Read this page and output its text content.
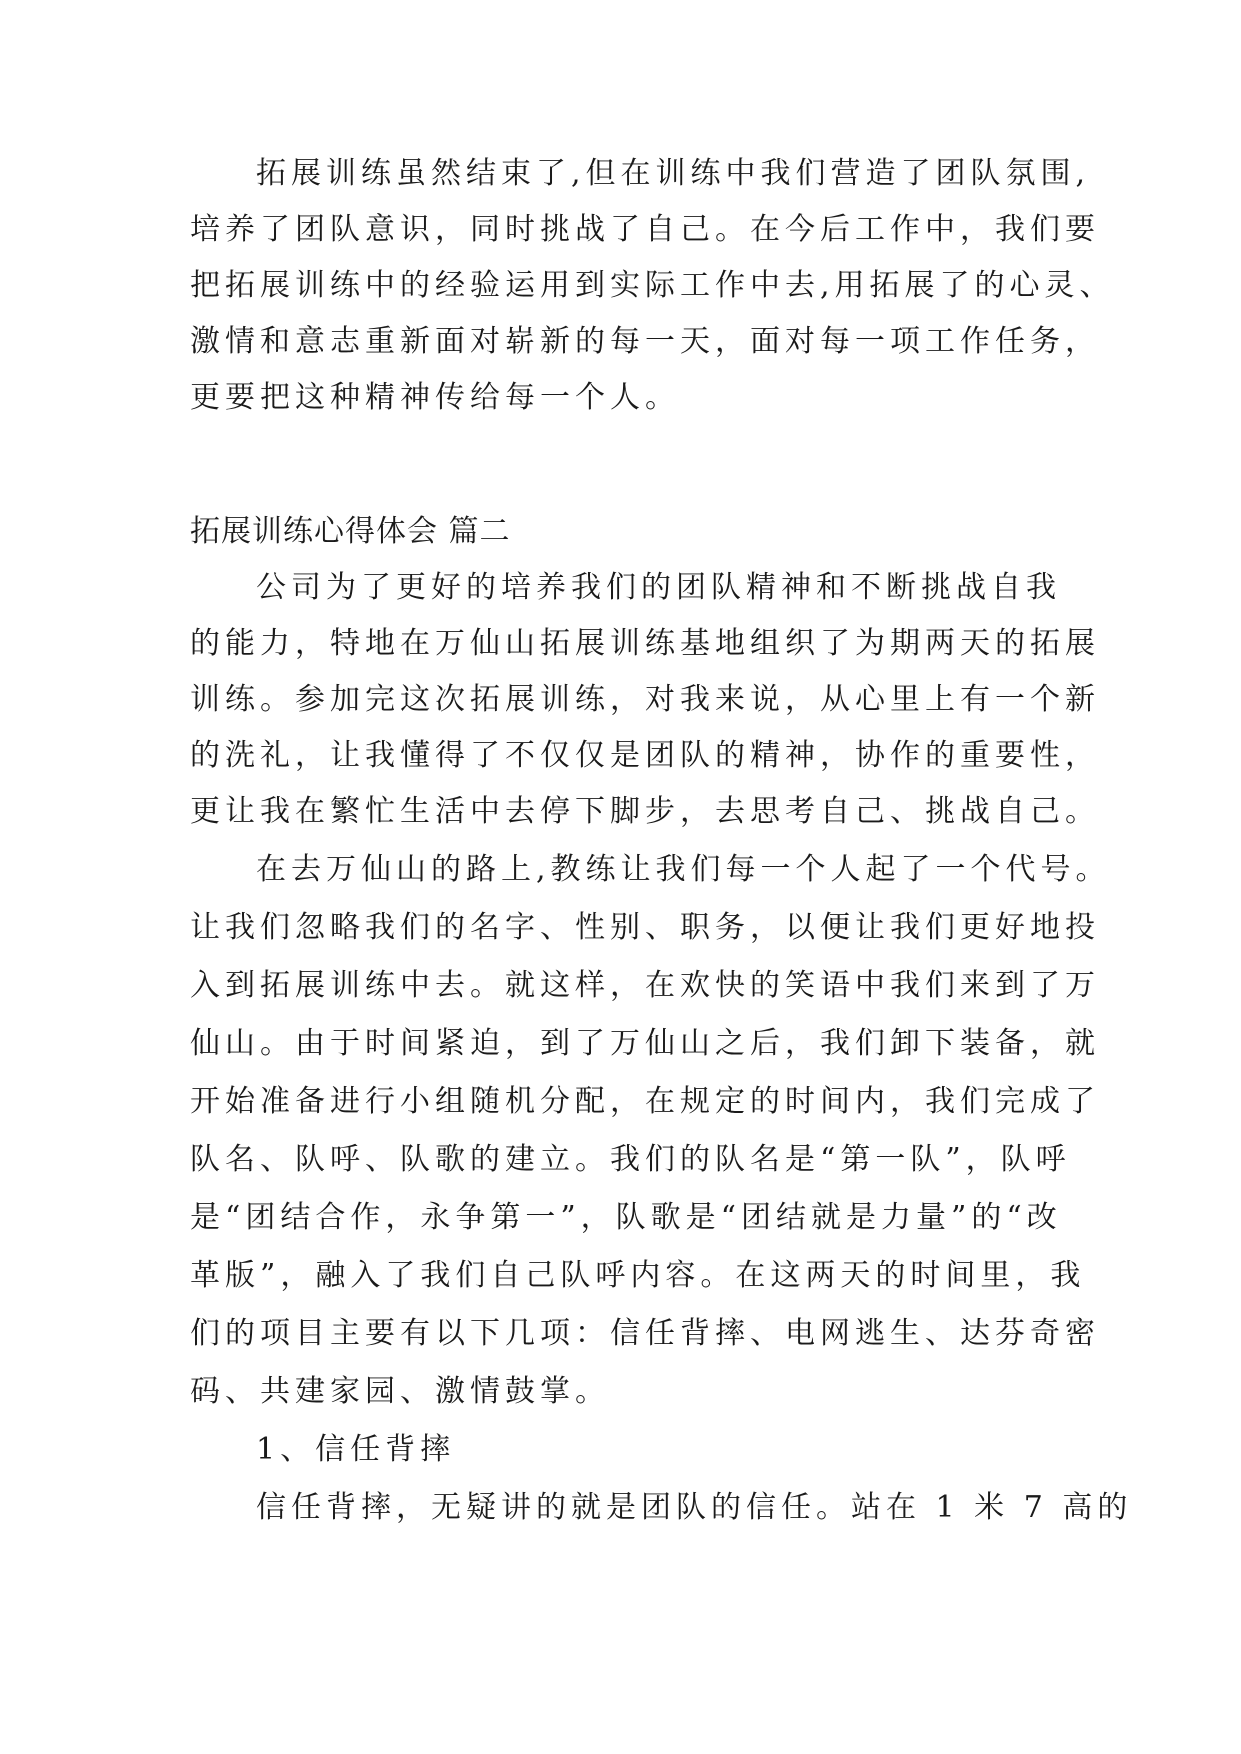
拓展训练虽然结束了,但在训练中我们营造了团队氛围,
培养了团队意识，同时挑战了自己。在今后工作中，我们要
把拓展训练中的经验运用到实际工作中去,用拓展了的心灵、
激情和意志重新面对崭新的每一天，面对每一项工作任务，
更要把这种精神传给每一个人。
拓展训练心得体会 篇二
公司为了更好的培养我们的团队精神和不断挑战自我
的能力，特地在万仙山拓展训练基地组织了为期两天的拓展
训练。参加完这次拓展训练，对我来说，从心里上有一个新
的洗礼，让我懂得了不仅仅是团队的精神，协作的重要性，
更让我在繁忙生活中去停下脚步，去思考自己、挑战自己。
在去万仙山的路上,教练让我们每一个人起了一个代号。
让我们忽略我们的名字、性别、职务，以便让我们更好地投
入到拓展训练中去。就这样，在欢快的笑语中我们来到了万
仙山。由于时间紧迫，到了万仙山之后，我们卸下装备，就
开始准备进行小组随机分配，在规定的时间内，我们完成了
队名、队呼、队歌的建立。我们的队名是“第一队”，队呼
是“团结合作，永争第一”，队歌是“团结就是力量”的“改
革版”，融入了我们自己队呼内容。在这两天的时间里，我
们的项目主要有以下几项：信任背摔、电网逃生、达芬奇密
码、共建家园、激情鼓掌。
1、信任背摔
信任背摔，无疑讲的就是团队的信任。站在 1 米 7 高的
